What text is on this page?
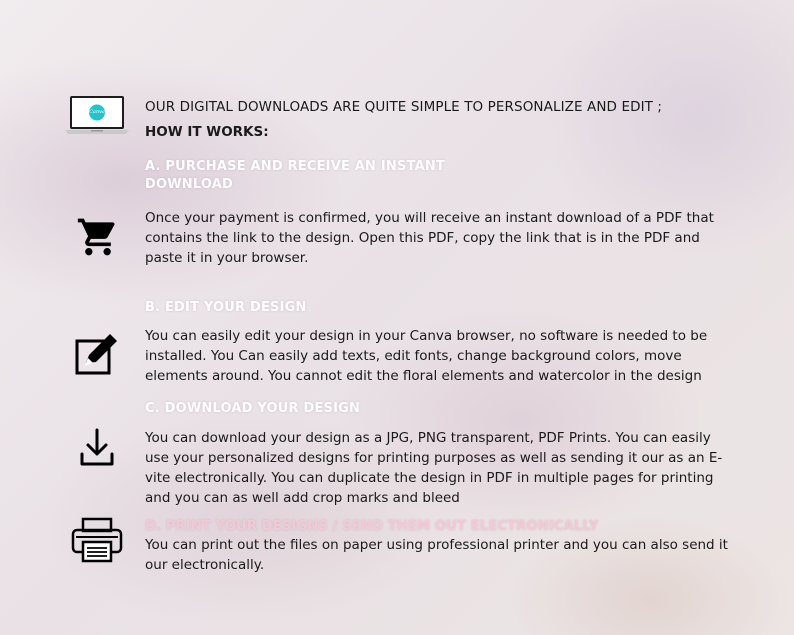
Canva	OUR DIGITAL DOWNLOADS ARE QUITE SIMPLE TO PERSONALIZE AND EDIT ;
HOW IT WORKS:
A. PURCHASE AND RECEIVE AN INSTANT
DOWNLOAD
Once your payment is confirmed, you will receive an instant download of a PDF that contains the link to the design. Open this PDF, copy the link that is in the PDF and paste it in your browser.
B. EDIT YOUR DESIGN
You can easily edit your design in your Canva browser, no software is needed to be installed. You Can easily add texts, edit fonts, change background colors, move elements around. You cannot edit the floral elements and watercolor in the design
C. DOWNLOAD YOUR DESIGN
You can download your design as a JPG, PNG transparent, PDF Prints. You can easily use your personalized designs for printing purposes as well as sending it our as an E-vite electronically. You can duplicate the design in PDF in multiple pages for printing and you can as well add crop marks and bleed
D. PRINT YOUR DESIGNS / SEND THEM OUT ELECTRONICALLY
You can print out the files on paper using professional printer and you can also send it our electronically.
